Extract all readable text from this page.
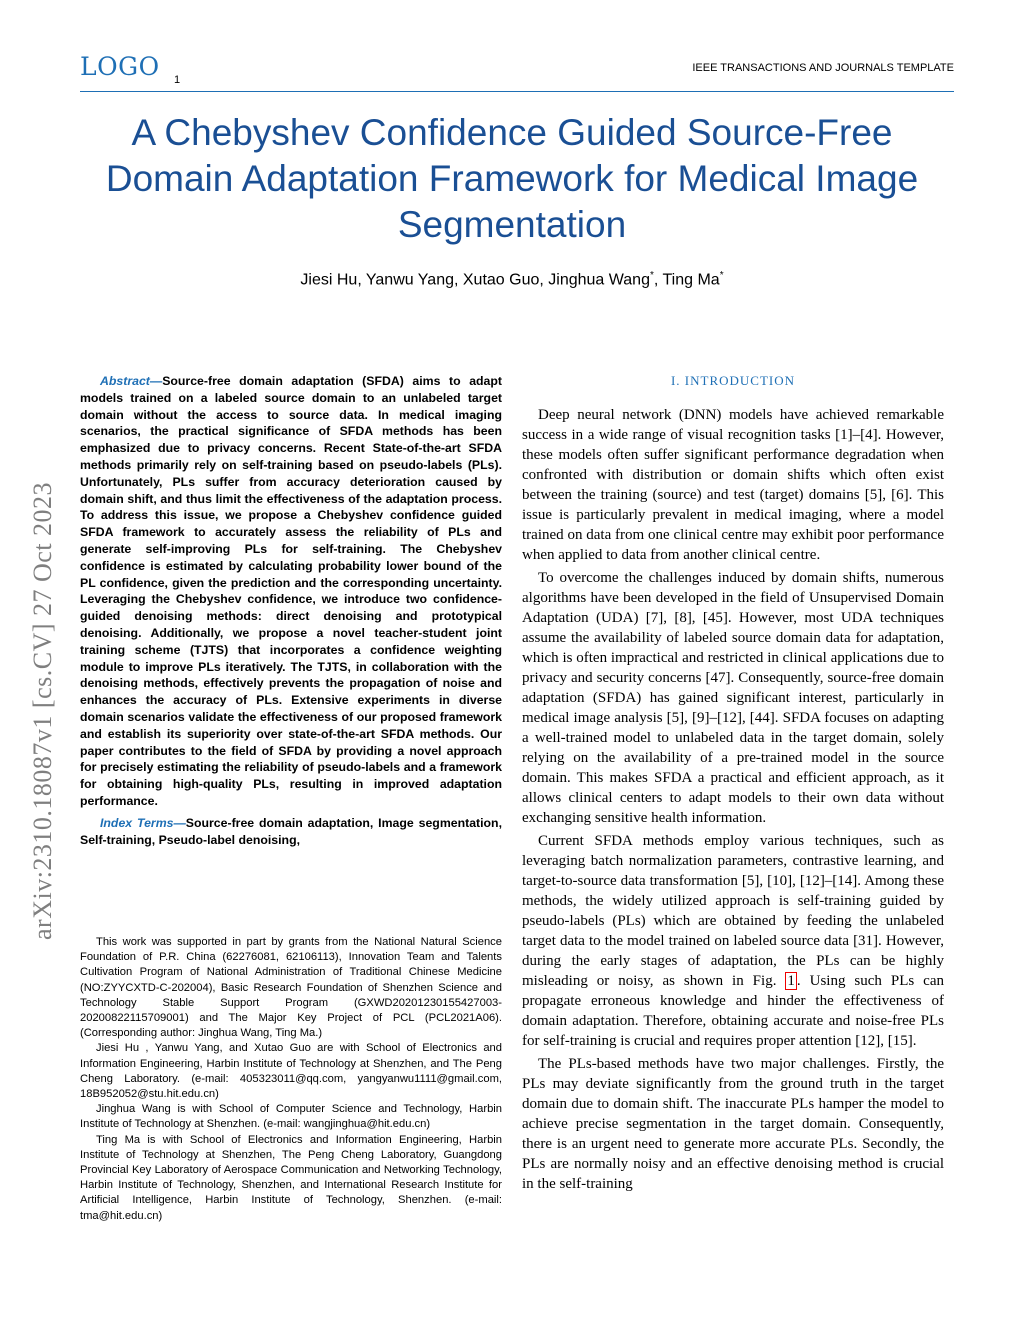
LOGO 1
IEEE TRANSACTIONS AND JOURNALS TEMPLATE
A Chebyshev Confidence Guided Source-Free Domain Adaptation Framework for Medical Image Segmentation
Jiesi Hu, Yanwu Yang, Xutao Guo, Jinghua Wang*, Ting Ma*
arXiv:2310.18087v1 [cs.CV] 27 Oct 2023

Abstract—Source-free domain adaptation (SFDA) aims to adapt models trained on a labeled source domain to an unlabeled target domain without the access to source data. In medical imaging scenarios, the practical significance of SFDA methods has been emphasized due to privacy concerns. Recent State-of-the-art SFDA methods primarily rely on self-training based on pseudo-labels (PLs). Unfortunately, PLs suffer from accuracy deterioration caused by domain shift, and thus limit the effectiveness of the adaptation process. To address this issue, we propose a Chebyshev confidence guided SFDA framework to accurately assess the reliability of PLs and generate self-improving PLs for self-training. The Chebyshev confidence is estimated by calculating probability lower bound of the PL confidence, given the prediction and the corresponding uncertainty. Leveraging the Chebyshev confidence, we introduce two confidence-guided denoising methods: direct denoising and prototypical denoising. Additionally, we propose a novel teacher-student joint training scheme (TJTS) that incorporates a confidence weighting module to improve PLs iteratively. The TJTS, in collaboration with the denoising methods, effectively prevents the propagation of noise and enhances the accuracy of PLs. Extensive experiments in diverse domain scenarios validate the effectiveness of our proposed framework and establish its superiority over state-of-the-art SFDA methods. Our paper contributes to the field of SFDA by providing a novel approach for precisely estimating the reliability of pseudo-labels and a framework for obtaining high-quality PLs, resulting in improved adaptation performance.

Index Terms—Source-free domain adaptation, Image segmentation, Self-training, Pseudo-label denoising,

This work was supported in part by grants from the National Natural Science Foundation of P.R. China (62276081, 62106113), Innovation Team and Talents Cultivation Program of National Administration of Traditional Chinese Medicine (NO:ZYYCXTD-C-202004), Basic Research Foundation of Shenzhen Science and Technology Stable Support Program (GXWD20201230155427003-20200822115709001) and The Major Key Project of PCL (PCL2021A06). (Corresponding author: Jinghua Wang, Ting Ma.)

Jiesi Hu , Yanwu Yang, and Xutao Guo are with School of Electronics and Information Engineering, Harbin Institute of Technology at Shenzhen, and The Peng Cheng Laboratory. (e-mail: 405323011@qq.com, yangyanwu1111@gmail.com, 18B952052@stu.hit.edu.cn)

Jinghua Wang is with School of Computer Science and Technology, Harbin Institute of Technology at Shenzhen. (e-mail: wangjinghua@hit.edu.cn)

Ting Ma is with School of Electronics and Information Engineering, Harbin Institute of Technology at Shenzhen, The Peng Cheng Laboratory, Guangdong Provincial Key Laboratory of Aerospace Communication and Networking Technology, Harbin Institute of Technology, Shenzhen, and International Research Institute for Artificial Intelligence, Harbin Institute of Technology, Shenzhen. (e-mail: tma@hit.edu.cn)

I. INTRODUCTION

Deep neural network (DNN) models have achieved remarkable success in a wide range of visual recognition tasks [1]–[4]. However, these models often suffer significant performance degradation when confronted with distribution or domain shifts which often exist between the training (source) and test (target) domains [5], [6]. This issue is particularly prevalent in medical imaging, where a model trained on data from one clinical centre may exhibit poor performance when applied to data from another clinical centre.

To overcome the challenges induced by domain shifts, numerous algorithms have been developed in the field of Unsupervised Domain Adaptation (UDA) [7], [8], [45]. However, most UDA techniques assume the availability of labeled source domain data for adaptation, which is often impractical and restricted in clinical applications due to privacy and security concerns [47]. Consequently, source-free domain adaptation (SFDA) has gained significant interest, particularly in medical image analysis [5], [9]–[12], [44]. SFDA focuses on adapting a well-trained model to unlabeled data in the target domain, solely relying on the availability of a pre-trained model in the source domain. This makes SFDA a practical and efficient approach, as it allows clinical centers to adapt models to their own data without exchanging sensitive health information.

Current SFDA methods employ various techniques, such as leveraging batch normalization parameters, contrastive learning, and target-to-source data transformation [5], [10], [12]–[14]. Among these methods, the widely utilized approach is self-training guided by pseudo-labels (PLs) which are obtained by feeding the unlabeled target data to the model trained on labeled source data [31]. However, during the early stages of adaptation, the PLs can be highly misleading or noisy, as shown in Fig. 1 . Using such PLs can propagate erroneous knowledge and hinder the effectiveness of domain adaptation. Therefore, obtaining accurate and noise-free PLs for self-training is crucial and requires proper attention [12], [15].

The PLs-based methods have two major challenges. Firstly, the PLs may deviate significantly from the ground truth in the target domain due to domain shift. The inaccurate PLs hamper the model to achieve precise segmentation in the target domain. Consequently, there is an urgent need to generate more accurate PLs. Secondly, the PLs are normally noisy and an effective denoising method is crucial in the self-training
